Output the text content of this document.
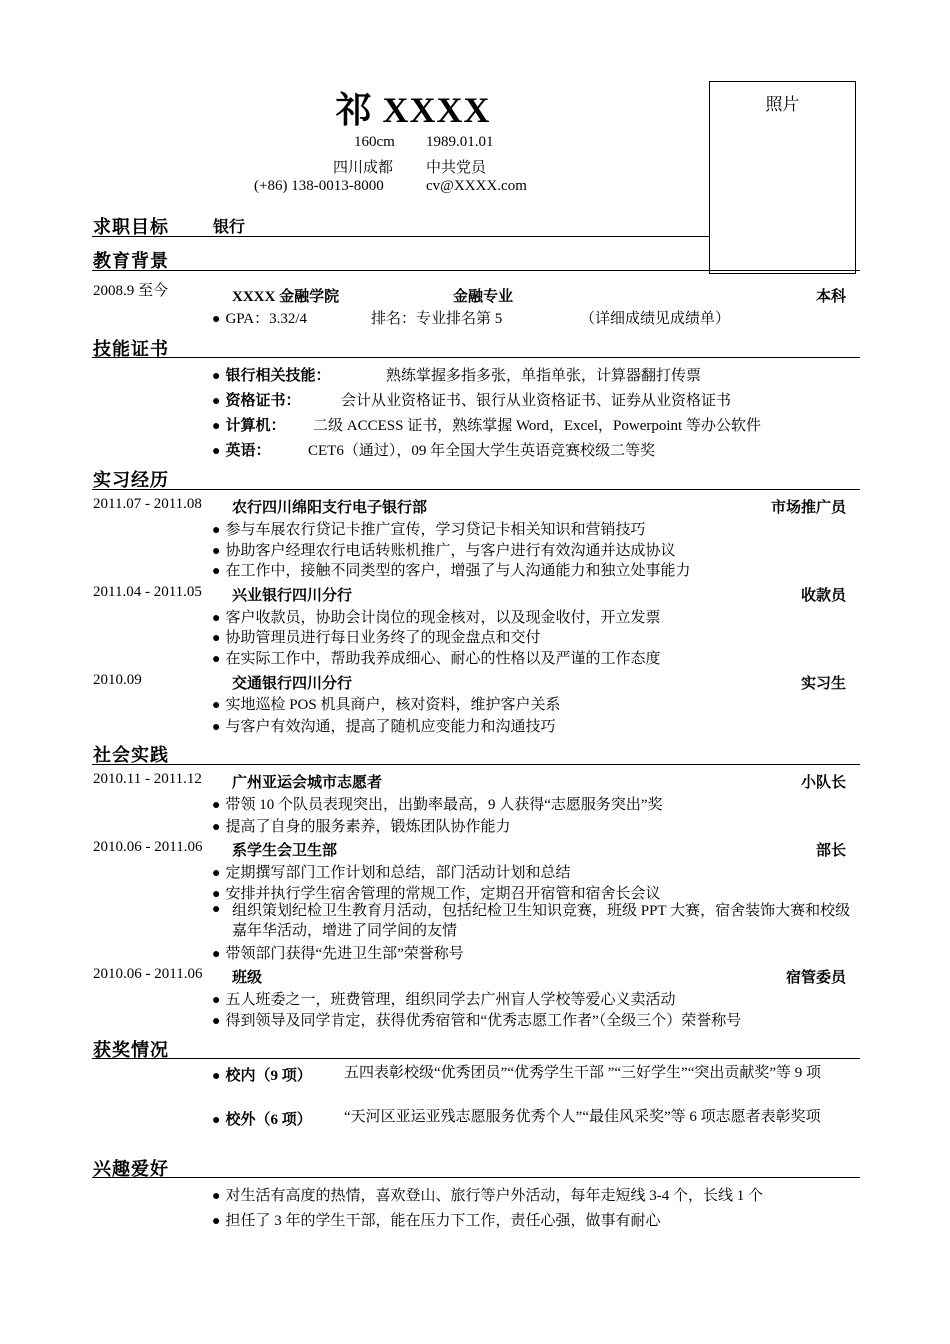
祁 XXXX
160cm 1989.01.01
四川成都 中共党员
(+86) 138-0013-8000	cv@XXXX.com
照片
求职目标	银行
教育背景
2008.9 至今	XXXX 金融学院	金融专业	本科
● GPA：3.32/4	排名：专业排名第 5	（详细成绩见成绩单）
技能证书
● 银行相关技能：	熟练掌握多指多张，单指单张，计算器翻打传票
● 资格证书：	会计从业资格证书、银行从业资格证书、证券从业资格证书
● 计算机： 二级 ACCESS 证书，熟练掌握 Word，Excel，Powerpoint 等办公软件
● 英语：	CET6（通过），09 年全国大学生英语竞赛校级二等奖
实习经历
2011.07 - 2011.08 农行四川绵阳支行电子银行部	市场推广员
● 参与车展农行贷记卡推广宣传，学习贷记卡相关知识和营销技巧
● 协助客户经理农行电话转账机推广，与客户进行有效沟通并达成协议
● 在工作中，接触不同类型的客户，增强了与人沟通能力和独立处事能力
2011.04 - 2011.05 兴业银行四川分行	收款员
● 客户收款员，协助会计岗位的现金核对，以及现金收付，开立发票
● 协助管理员进行每日业务终了的现金盘点和交付
● 在实际工作中，帮助我养成细心、耐心的性格以及严谨的工作态度
2010.09	交通银行四川分行	实习生
● 实地巡检 POS 机具商户，核对资料，维护客户关系
● 与客户有效沟通，提高了随机应变能力和沟通技巧
社会实践
2010.11 - 2011.12 广州亚运会城市志愿者	小队长
● 带领 10 个队员表现突出，出勤率最高，9 人获得“志愿服务突出”奖
● 提高了自身的服务素养，锻炼团队协作能力
2010.06 - 2011.06 系学生会卫生部	部长
● 定期撰写部门工作计划和总结，部门活动计划和总结
● 安排并执行学生宿舍管理的常规工作，定期召开宿管和宿舍长会议
● 组织策划纪检卫生教育月活动，包括纪检卫生知识竞赛，班级 PPT 大赛，宿舍装饰大赛和校级嘉年华活动，增进了同学间的友情
● 带领部门获得“先进卫生部”荣誉称号
2010.06 - 2011.06 班级	宿管委员
● 五人班委之一，班费管理，组织同学去广州盲人学校等爱心义卖活动
● 得到领导及同学肯定，获得优秀宿管和“优秀志愿工作者”（全级三个）荣誉称号
获奖情况
● 校内（9 项） 五四表彰校级“优秀团员”“优秀学生干部 ”“三好学生”“突出贡献奖”等 9 项
● 校外（6 项） “天河区亚运亚残志愿服务优秀个人”“最佳风采奖”等 6 项志愿者表彰奖项
兴趣爱好
● 对生活有高度的热情，喜欢登山、旅行等户外活动，每年走短线 3-4 个，长线 1 个
● 担任了 3 年的学生干部，能在压力下工作，责任心强，做事有耐心
